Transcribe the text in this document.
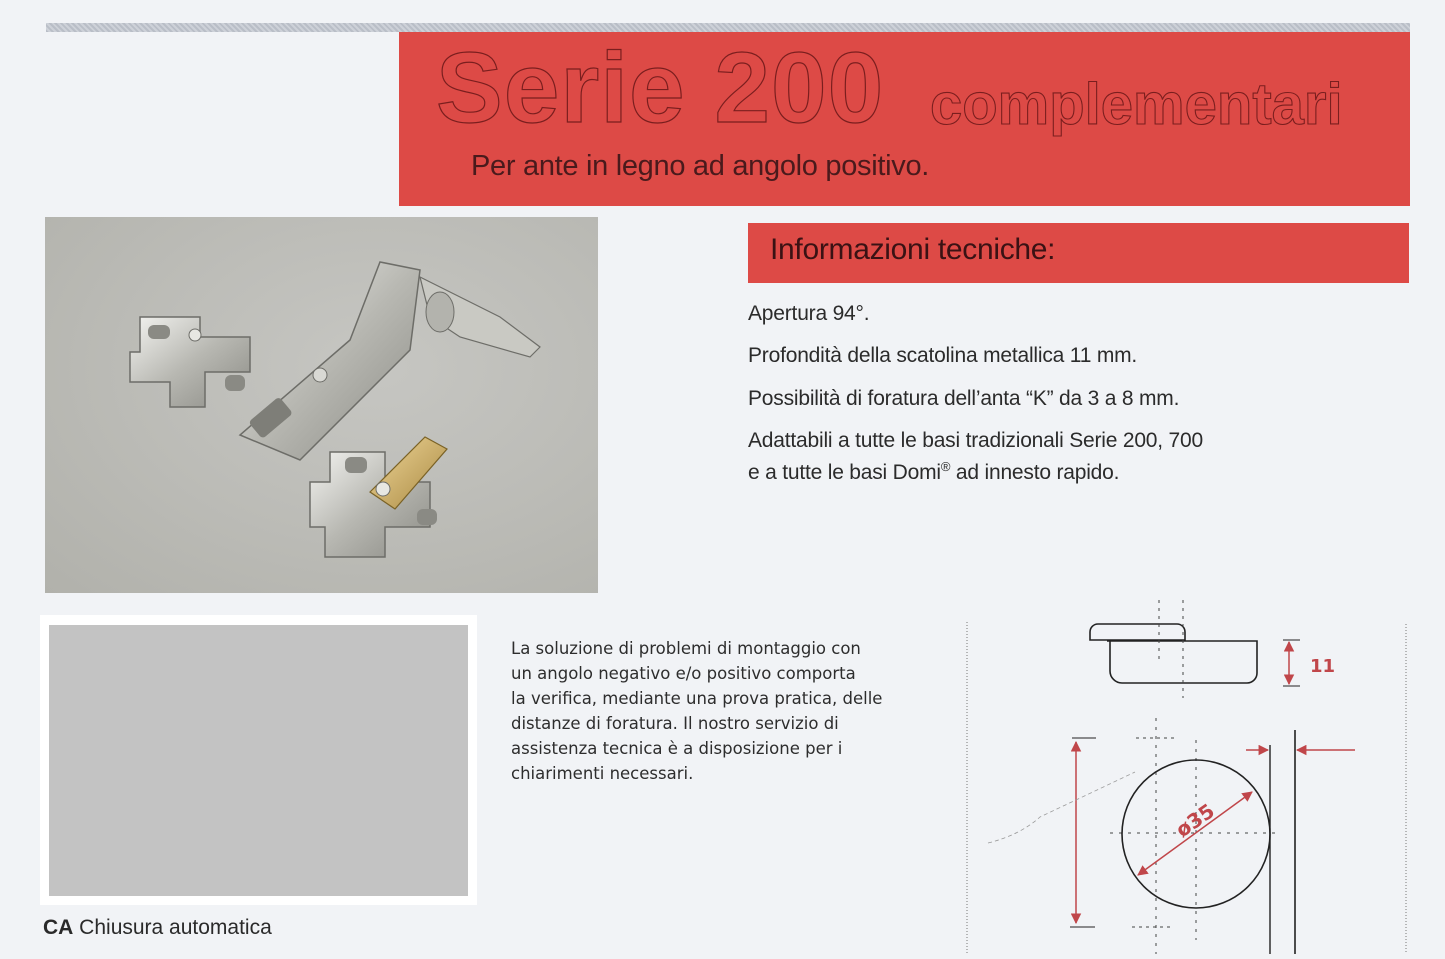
Serie 200 complementari
Per ante in legno ad angolo positivo.
Informazioni tecniche:
Apertura 94°.
Profondità della scatolina metallica 11 mm.
Possibilità di foratura dell’anta “K” da 3 a 8 mm.
Adattabili a tutte le basi tradizionali Serie 200, 700
e a tutte le basi Domi® ad innesto rapido.
CA Chiusura automatica
La soluzione di problemi di montaggio con
un angolo negativo e/o positivo comporta
la verifica, mediante una prova pratica, delle
distanze di foratura. Il nostro servizio di
assistenza tecnica è a disposizione per i
chiarimenti necessari.
11
ø35
